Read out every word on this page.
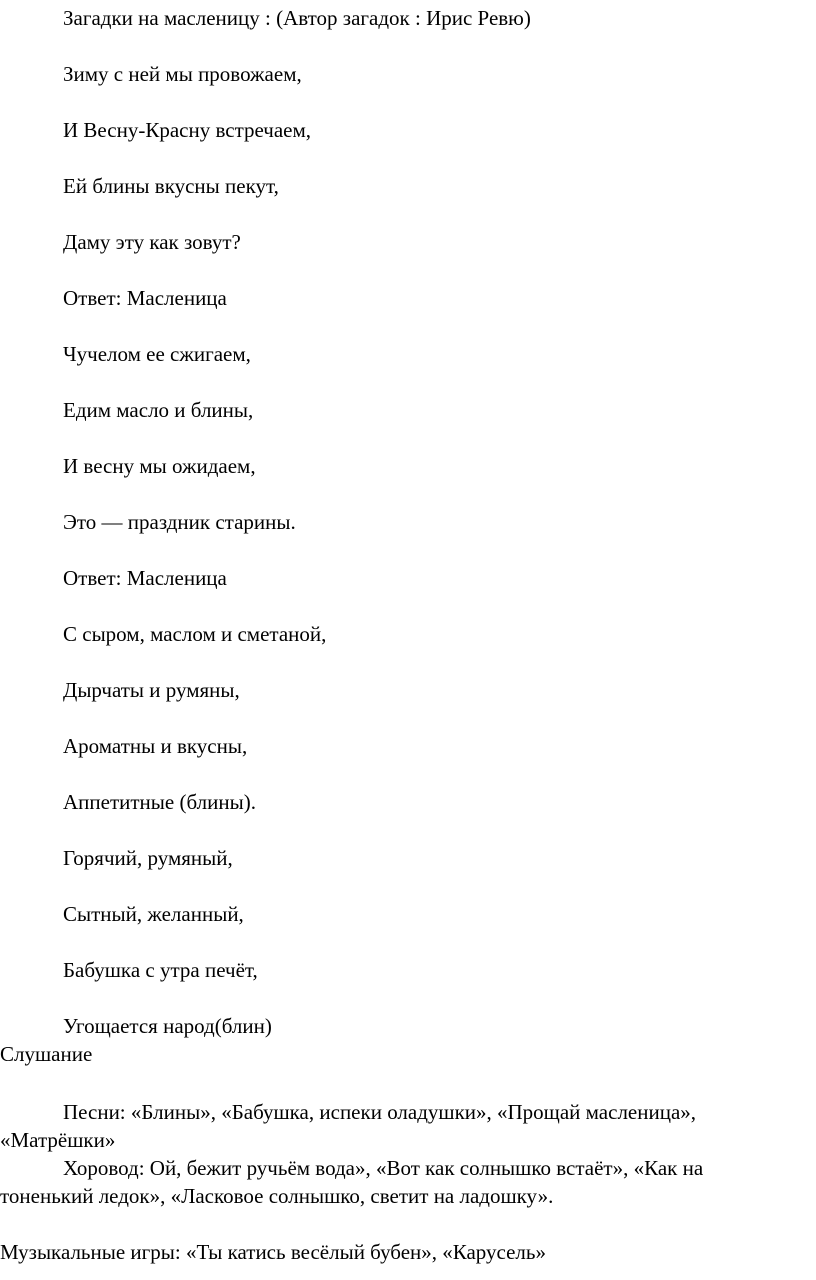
Загадки на масленицу : (Автор загадок : Ирис Ревю)
Зиму с ней мы провожаем,
И Весну-Красну встречаем,
Ей блины вкусны пекут,
Даму эту как зовут?
Ответ: Масленица
Чучелом ее сжигаем,
Едим масло и блины,
И весну мы ожидаем,
Это — праздник старины.
Ответ: Масленица
С сыром, маслом и сметаной,
Дырчаты и румяны,
Ароматны и вкусны,
Аппетитные (блины).
Горячий, румяный,
Сытный, желанный,
Бабушка с утра печёт,
Угощается народ(блин)
Слушание
Песни: «Блины», «Бабушка, испеки оладушки», «Прощай масленица»,
«Матрёшки»
Хоровод: Ой, бежит ручьём вода», «Вот как солнышко встаёт», «Как на
тоненький ледок», «Ласковое солнышко, светит на ладошку».
Музыкальные игры: «Ты катись весёлый бубен», «Карусель»
